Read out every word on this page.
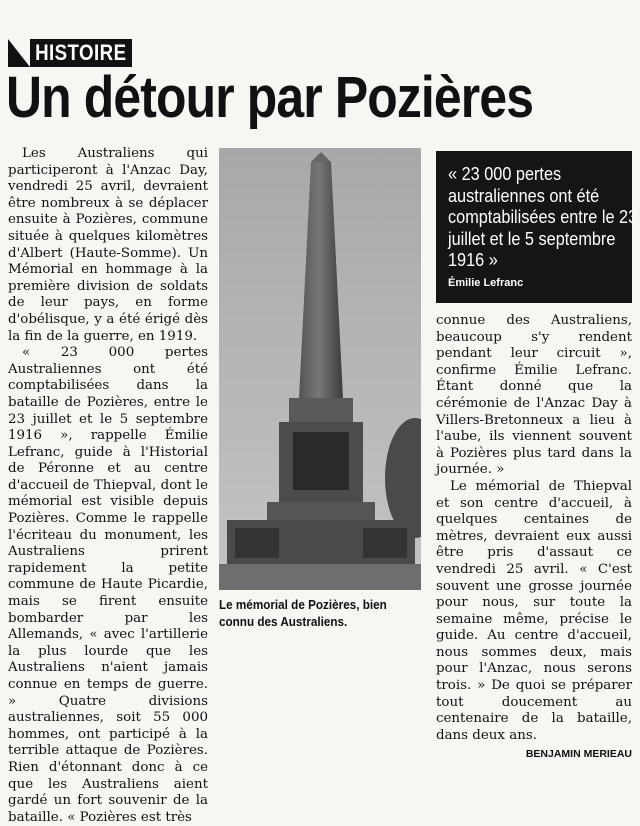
HISTOIRE
Un détour par Pozières

Les Australiens qui participeront à l'Anzac Day, vendredi 25 avril, devraient être nombreux à se déplacer ensuite à Pozières, commune située à quelques kilomètres d'Albert (Haute-Somme). Un Mémorial en hommage à la première division de soldats de leur pays, en forme d'obélisque, y a été érigé dès la fin de la guerre, en 1919.

« 23 000 pertes Australiennes ont été comptabilisées dans la bataille de Pozières, entre le 23 juillet et le 5 septembre 1916 », rappelle Émilie Lefranc, guide à l'Historial de Péronne et au centre d'accueil de Thiepval, dont le mémorial est visible depuis Pozières. Comme le rappelle l'écriteau du monument, les Australiens prirent rapidement la petite commune de Haute Picardie, mais se firent ensuite bombarder par les Allemands, « avec l'artillerie la plus lourde que les Australiens n'aient jamais connue en temps de guerre. » Quatre divisions australiennes, soit 55 000 hommes, ont participé à la terrible attaque de Pozières. Rien d'étonnant donc à ce que les Australiens aient gardé un fort souvenir de la bataille. « Pozières est très

Le mémorial de Pozières, bien connu des Australiens.
« 23 000 pertes australiennes ont été comptabilisées entre le 23 juillet et le 5 septembre 1916 »
Émilie Lefranc

connue des Australiens, beaucoup s'y rendent pendant leur circuit », confirme Émilie Lefranc. Étant donné que la cérémonie de l'Anzac Day à Villers-Bretonneux a lieu à l'aube, ils viennent souvent à Pozières plus tard dans la journée. »

Le mémorial de Thiepval et son centre d'accueil, à quelques centaines de mètres, devraient eux aussi être pris d'assaut ce vendredi 25 avril. « C'est souvent une grosse journée pour nous, sur toute la semaine même, précise le guide. Au centre d'accueil, nous sommes deux, mais pour l'Anzac, nous serons trois. » De quoi se préparer tout doucement au centenaire de la bataille, dans deux ans.

BENJAMIN MERIEAU
